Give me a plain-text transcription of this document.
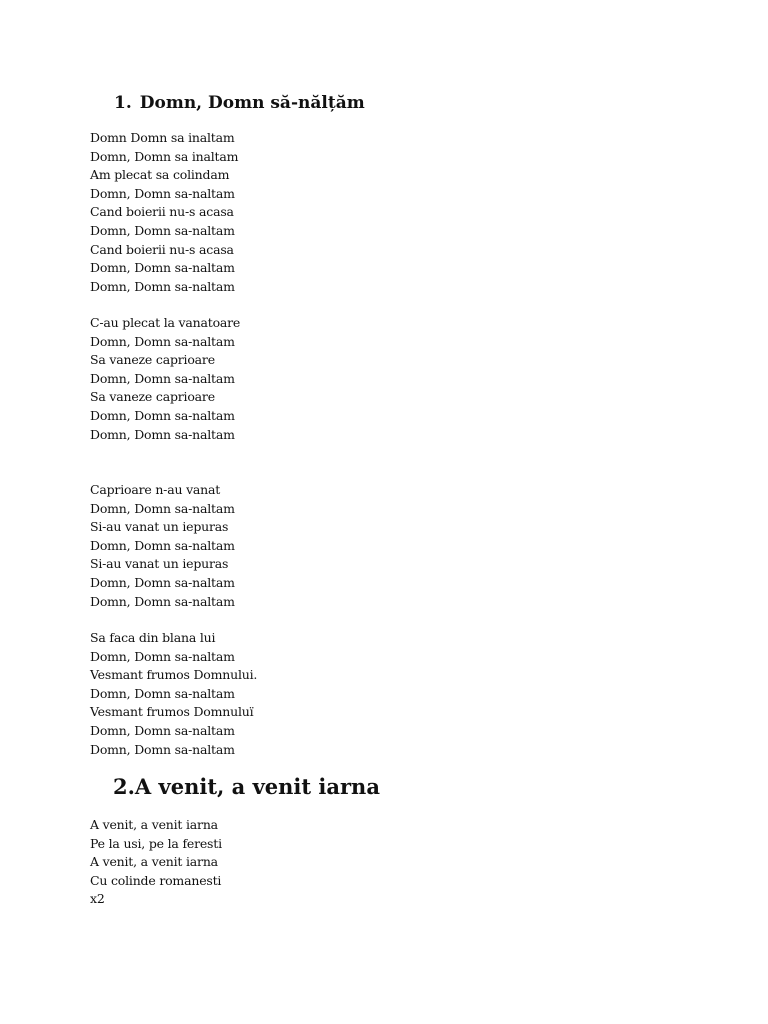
1. Domn, Domn să-nălțăm
Domn Domn sa inaltam
Domn, Domn sa inaltam
Am plecat sa colindam
Domn, Domn sa-naltam
Cand boierii nu-s acasa
Domn, Domn sa-naltam
Cand boierii nu-s acasa
Domn, Domn sa-naltam
Domn, Domn sa-naltam
C-au plecat la vanatoare
Domn, Domn sa-naltam
Sa vaneze caprioare
Domn, Domn sa-naltam
Sa vaneze caprioare
Domn, Domn sa-naltam
Domn, Domn sa-naltam
Caprioare n-au vanat
Domn, Domn sa-naltam
Si-au vanat un iepuras
Domn, Domn sa-naltam
Si-au vanat un iepuras
Domn, Domn sa-naltam
Domn, Domn sa-naltam
Sa faca din blana lui
Domn, Domn sa-naltam
Vesmant frumos Domnului.
Domn, Domn sa-naltam
Vesmant frumos Domnuluï
Domn, Domn sa-naltam
Domn, Domn sa-naltam
2.A venit, a venit iarna
A venit, a venit iarna
Pe la usi, pe la feresti
A venit, a venit iarna
Cu colinde romanesti
x2
